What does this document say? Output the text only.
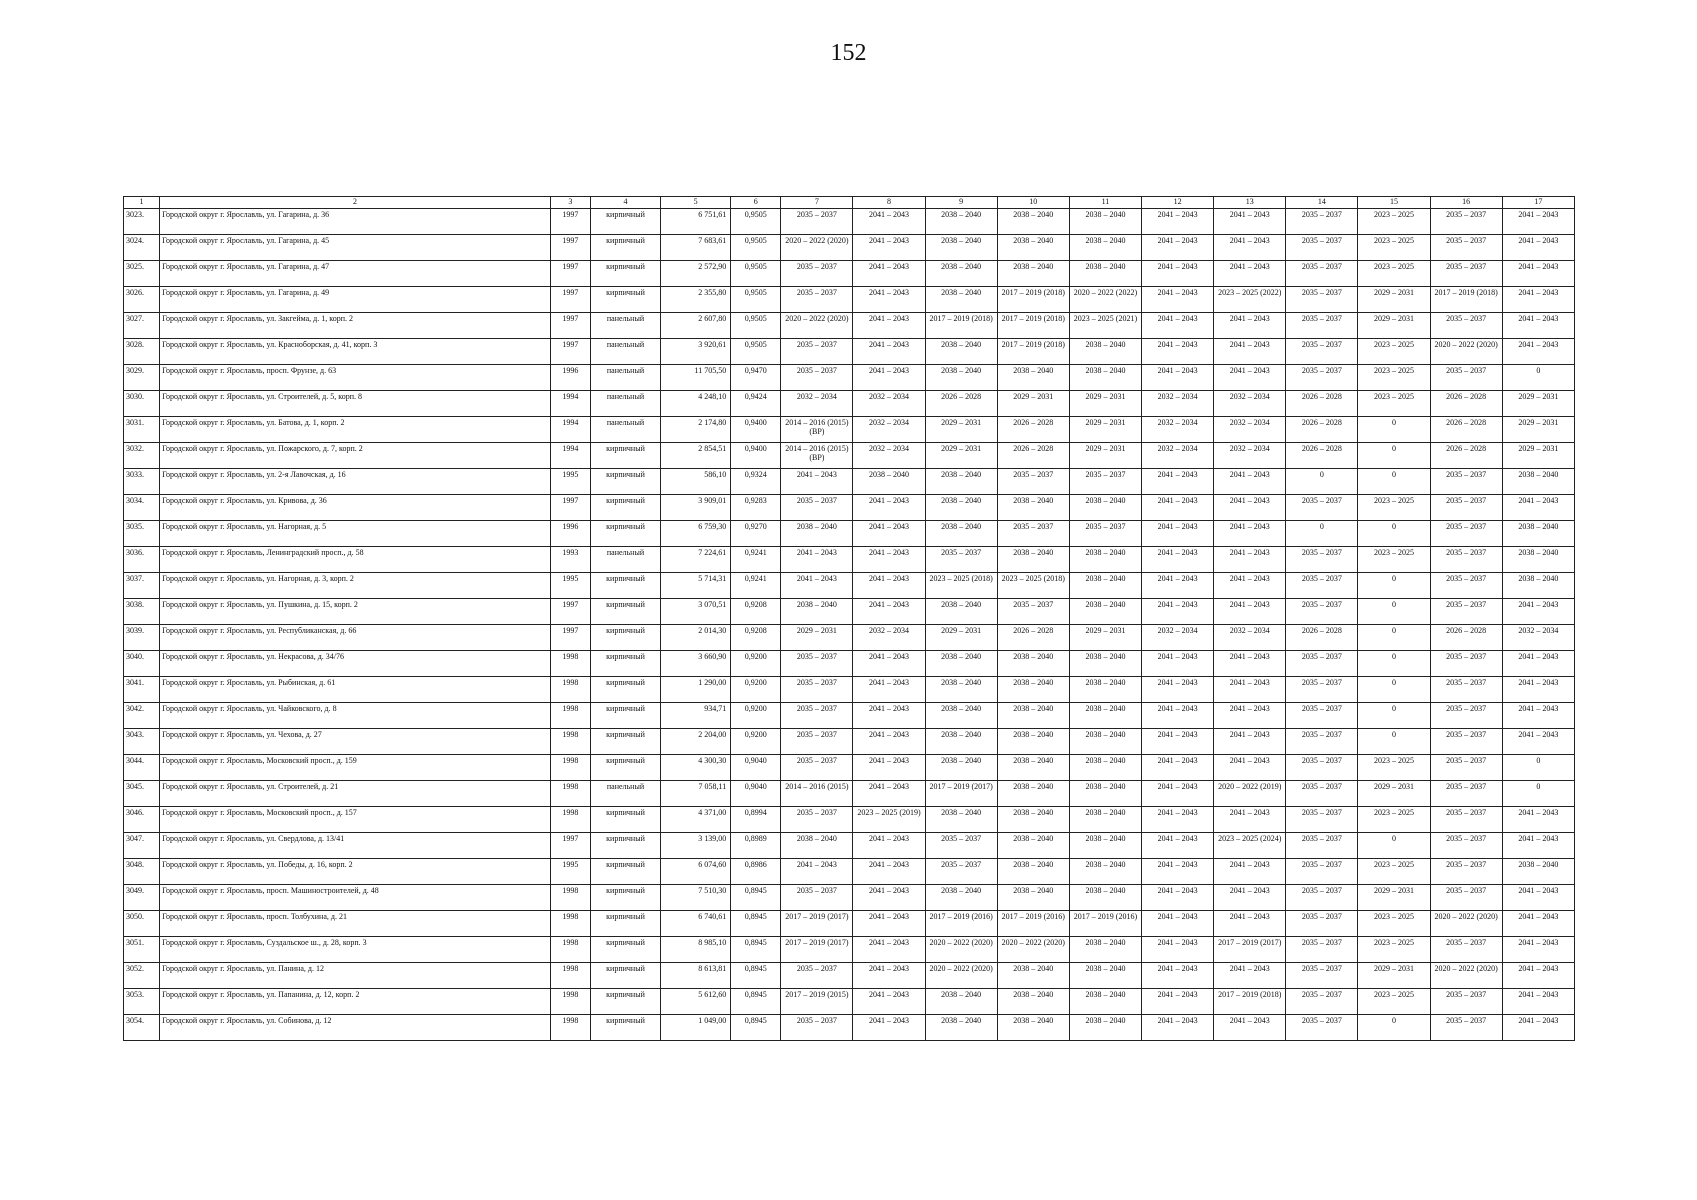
152
1	2	3	4	5	6	7	8	9	10	11	12	13	14	15	16	17
3023.	Городской округ г. Ярославль, ул. Гагарина, д. 36	1997	кирпичный	6 751,61	0,9505	2035 – 2037	2041 – 2043	2038 – 2040	2038 – 2040	2038 – 2040	2041 – 2043	2041 – 2043	2035 – 2037	2023 – 2025	2035 – 2037	2041 – 2043
3024.	Городской округ г. Ярославль, ул. Гагарина, д. 45	1997	кирпичный	7 683,61	0,9505	2020 – 2022 (2020)	2041 – 2043	2038 – 2040	2038 – 2040	2038 – 2040	2041 – 2043	2041 – 2043	2035 – 2037	2023 – 2025	2035 – 2037	2041 – 2043
3025.	Городской округ г. Ярославль, ул. Гагарина, д. 47	1997	кирпичный	2 572,90	0,9505	2035 – 2037	2041 – 2043	2038 – 2040	2038 – 2040	2038 – 2040	2041 – 2043	2041 – 2043	2035 – 2037	2023 – 2025	2035 – 2037	2041 – 2043
3026.	Городской округ г. Ярославль, ул. Гагарина, д. 49	1997	кирпичный	2 355,80	0,9505	2035 – 2037	2041 – 2043	2038 – 2040	2017 – 2019 (2018)	2020 – 2022 (2022)	2041 – 2043	2023 – 2025 (2022)	2035 – 2037	2029 – 2031	2017 – 2019 (2018)	2041 – 2043
3027.	Городской округ г. Ярославль, ул. Закгейма, д. 1, корп. 2	1997	панельный	2 607,80	0,9505	2020 – 2022 (2020)	2041 – 2043	2017 – 2019 (2018)	2017 – 2019 (2018)	2023 – 2025 (2021)	2041 – 2043	2041 – 2043	2035 – 2037	2029 – 2031	2035 – 2037	2041 – 2043
3028.	Городской округ г. Ярославль, ул. Красноборская, д. 41, корп. 3	1997	панельный	3 920,61	0,9505	2035 – 2037	2041 – 2043	2038 – 2040	2017 – 2019 (2018)	2038 – 2040	2041 – 2043	2041 – 2043	2035 – 2037	2023 – 2025	2020 – 2022 (2020)	2041 – 2043
3029.	Городской округ г. Ярославль, просп. Фрунзе, д. 63	1996	панельный	11 705,50	0,9470	2035 – 2037	2041 – 2043	2038 – 2040	2038 – 2040	2038 – 2040	2041 – 2043	2041 – 2043	2035 – 2037	2023 – 2025	2035 – 2037	0
3030.	Городской округ г. Ярославль, ул. Строителей, д. 5, корп. 8	1994	панельный	4 248,10	0,9424	2032 – 2034	2032 – 2034	2026 – 2028	2029 – 2031	2029 – 2031	2032 – 2034	2032 – 2034	2026 – 2028	2023 – 2025	2026 – 2028	2029 – 2031
3031.	Городской округ г. Ярославль, ул. Батова, д. 1, корп. 2	1994	панельный	2 174,80	0,9400	2014 – 2016 (2015) (ВР)	2032 – 2034	2029 – 2031	2026 – 2028	2029 – 2031	2032 – 2034	2032 – 2034	2026 – 2028	0	2026 – 2028	2029 – 2031
3032.	Городской округ г. Ярославль, ул. Пожарского, д. 7, корп. 2	1994	кирпичный	2 854,51	0,9400	2014 – 2016 (2015) (ВР)	2032 – 2034	2029 – 2031	2026 – 2028	2029 – 2031	2032 – 2034	2032 – 2034	2026 – 2028	0	2026 – 2028	2029 – 2031
3033.	Городской округ г. Ярославль, ул. 2-я Лавочская, д. 16	1995	кирпичный	586,10	0,9324	2041 – 2043	2038 – 2040	2038 – 2040	2035 – 2037	2035 – 2037	2041 – 2043	2041 – 2043	0	0	2035 – 2037	2038 – 2040
3034.	Городской округ г. Ярославль, ул. Кривова, д. 36	1997	кирпичный	3 909,01	0,9283	2035 – 2037	2041 – 2043	2038 – 2040	2038 – 2040	2038 – 2040	2041 – 2043	2041 – 2043	2035 – 2037	2023 – 2025	2035 – 2037	2041 – 2043
3035.	Городской округ г. Ярославль, ул. Нагорная, д. 5	1996	кирпичный	6 759,30	0,9270	2038 – 2040	2041 – 2043	2038 – 2040	2035 – 2037	2035 – 2037	2041 – 2043	2041 – 2043	0	0	2035 – 2037	2038 – 2040
3036.	Городской округ г. Ярославль, Ленинградский просп., д. 58	1993	панельный	7 224,61	0,9241	2041 – 2043	2041 – 2043	2035 – 2037	2038 – 2040	2038 – 2040	2041 – 2043	2041 – 2043	2035 – 2037	2023 – 2025	2035 – 2037	2038 – 2040
3037.	Городской округ г. Ярославль, ул. Нагорная, д. 3, корп. 2	1995	кирпичный	5 714,31	0,9241	2041 – 2043	2041 – 2043	2023 – 2025 (2018)	2023 – 2025 (2018)	2038 – 2040	2041 – 2043	2041 – 2043	2035 – 2037	0	2035 – 2037	2038 – 2040
3038.	Городской округ г. Ярославль, ул. Пушкина, д. 15, корп. 2	1997	кирпичный	3 070,51	0,9208	2038 – 2040	2041 – 2043	2038 – 2040	2035 – 2037	2038 – 2040	2041 – 2043	2041 – 2043	2035 – 2037	0	2035 – 2037	2041 – 2043
3039.	Городской округ г. Ярославль, ул. Республиканская, д. 66	1997	кирпичный	2 014,30	0,9208	2029 – 2031	2032 – 2034	2029 – 2031	2026 – 2028	2029 – 2031	2032 – 2034	2032 – 2034	2026 – 2028	0	2026 – 2028	2032 – 2034
3040.	Городской округ г. Ярославль, ул. Некрасова, д. 34/76	1998	кирпичный	3 660,90	0,9200	2035 – 2037	2041 – 2043	2038 – 2040	2038 – 2040	2038 – 2040	2041 – 2043	2041 – 2043	2035 – 2037	0	2035 – 2037	2041 – 2043
3041.	Городской округ г. Ярославль, ул. Рыбинская, д. 61	1998	кирпичный	1 290,00	0,9200	2035 – 2037	2041 – 2043	2038 – 2040	2038 – 2040	2038 – 2040	2041 – 2043	2041 – 2043	2035 – 2037	0	2035 – 2037	2041 – 2043
3042.	Городской округ г. Ярославль, ул. Чайковского, д. 8	1998	кирпичный	934,71	0,9200	2035 – 2037	2041 – 2043	2038 – 2040	2038 – 2040	2038 – 2040	2041 – 2043	2041 – 2043	2035 – 2037	0	2035 – 2037	2041 – 2043
3043.	Городской округ г. Ярославль, ул. Чехова, д. 27	1998	кирпичный	2 204,00	0,9200	2035 – 2037	2041 – 2043	2038 – 2040	2038 – 2040	2038 – 2040	2041 – 2043	2041 – 2043	2035 – 2037	0	2035 – 2037	2041 – 2043
3044.	Городской округ г. Ярославль, Московский просп., д. 159	1998	кирпичный	4 300,30	0,9040	2035 – 2037	2041 – 2043	2038 – 2040	2038 – 2040	2038 – 2040	2041 – 2043	2041 – 2043	2035 – 2037	2023 – 2025	2035 – 2037	0
3045.	Городской округ г. Ярославль, ул. Строителей, д. 21	1998	панельный	7 058,11	0,9040	2014 – 2016 (2015)	2041 – 2043	2017 – 2019 (2017)	2038 – 2040	2038 – 2040	2041 – 2043	2020 – 2022 (2019)	2035 – 2037	2029 – 2031	2035 – 2037	0
3046.	Городской округ г. Ярославль, Московский просп., д. 157	1998	кирпичный	4 371,00	0,8994	2035 – 2037	2023 – 2025 (2019)	2038 – 2040	2038 – 2040	2038 – 2040	2041 – 2043	2041 – 2043	2035 – 2037	2023 – 2025	2035 – 2037	2041 – 2043
3047.	Городской округ г. Ярославль, ул. Свердлова, д. 13/41	1997	кирпичный	3 139,00	0,8989	2038 – 2040	2041 – 2043	2035 – 2037	2038 – 2040	2038 – 2040	2041 – 2043	2023 – 2025 (2024)	2035 – 2037	0	2035 – 2037	2041 – 2043
3048.	Городской округ г. Ярославль, ул. Победы, д. 16, корп. 2	1995	кирпичный	6 074,60	0,8986	2041 – 2043	2041 – 2043	2035 – 2037	2038 – 2040	2038 – 2040	2041 – 2043	2041 – 2043	2035 – 2037	2023 – 2025	2035 – 2037	2038 – 2040
3049.	Городской округ г. Ярославль, просп. Машиностроителей, д. 48	1998	кирпичный	7 510,30	0,8945	2035 – 2037	2041 – 2043	2038 – 2040	2038 – 2040	2038 – 2040	2041 – 2043	2041 – 2043	2035 – 2037	2029 – 2031	2035 – 2037	2041 – 2043
3050.	Городской округ г. Ярославль, просп. Толбухина, д. 21	1998	кирпичный	6 740,61	0,8945	2017 – 2019 (2017)	2041 – 2043	2017 – 2019 (2016)	2017 – 2019 (2016)	2017 – 2019 (2016)	2041 – 2043	2041 – 2043	2035 – 2037	2023 – 2025	2020 – 2022 (2020)	2041 – 2043
3051.	Городской округ г. Ярославль, Суздальское ш., д. 28, корп. 3	1998	кирпичный	8 985,10	0,8945	2017 – 2019 (2017)	2041 – 2043	2020 – 2022 (2020)	2020 – 2022 (2020)	2038 – 2040	2041 – 2043	2017 – 2019 (2017)	2035 – 2037	2023 – 2025	2035 – 2037	2041 – 2043
3052.	Городской округ г. Ярославль, ул. Панина, д. 12	1998	кирпичный	8 613,81	0,8945	2035 – 2037	2041 – 2043	2020 – 2022 (2020)	2038 – 2040	2038 – 2040	2041 – 2043	2041 – 2043	2035 – 2037	2029 – 2031	2020 – 2022 (2020)	2041 – 2043
3053.	Городской округ г. Ярославль, ул. Папанина, д. 12, корп. 2	1998	кирпичный	5 612,60	0,8945	2017 – 2019 (2015)	2041 – 2043	2038 – 2040	2038 – 2040	2038 – 2040	2041 – 2043	2017 – 2019 (2018)	2035 – 2037	2023 – 2025	2035 – 2037	2041 – 2043
3054.	Городской округ г. Ярославль, ул. Собинова, д. 12	1998	кирпичный	1 049,00	0,8945	2035 – 2037	2041 – 2043	2038 – 2040	2038 – 2040	2038 – 2040	2041 – 2043	2041 – 2043	2035 – 2037	0	2035 – 2037	2041 – 2043
